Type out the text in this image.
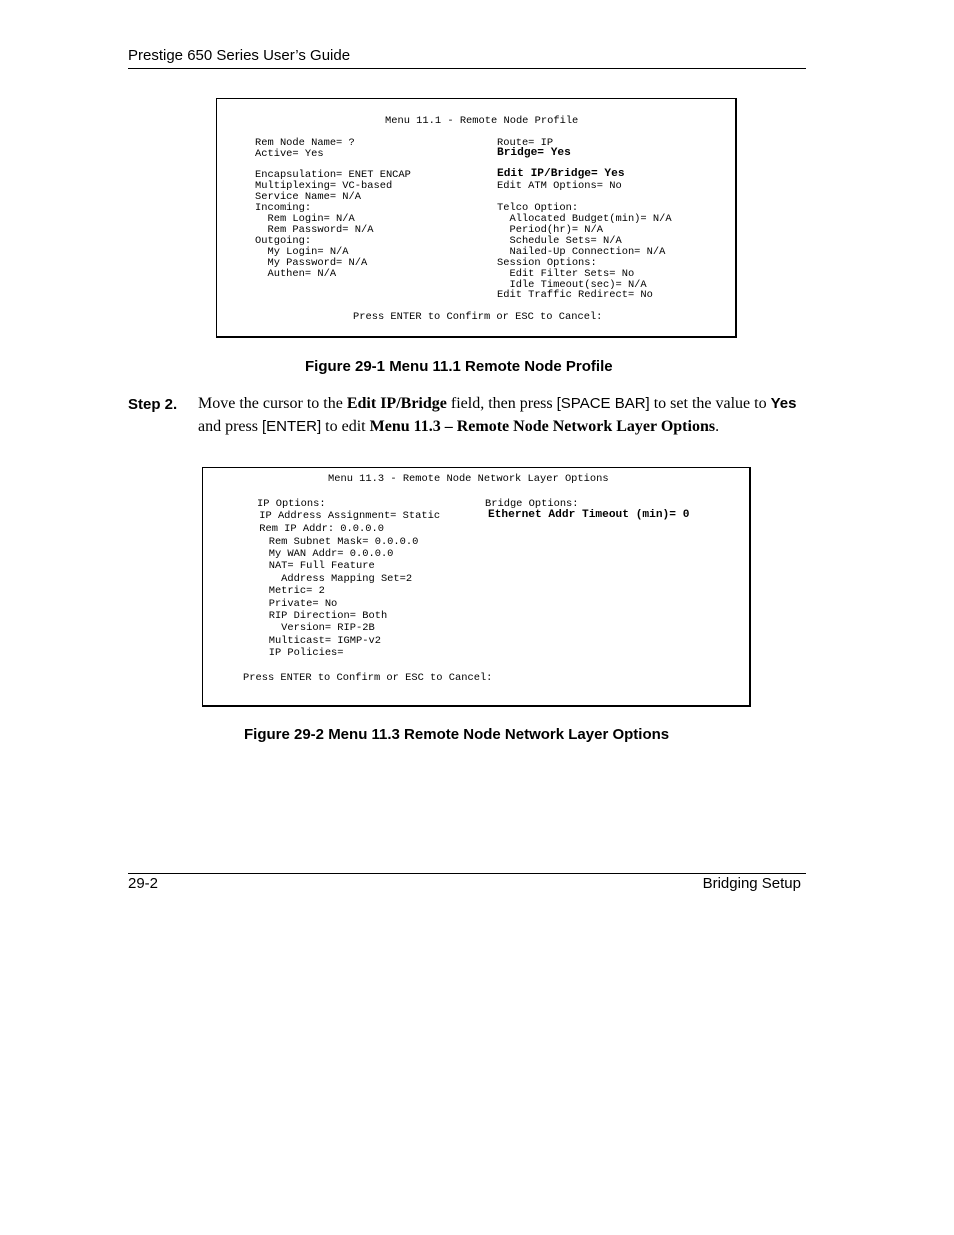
Prestige 650 Series User’s Guide
Menu 11.1 - Remote Node Profile
Rem Node Name= ?
Active= Yes
Encapsulation= ENET ENCAP
Multiplexing= VC-based
Service Name= N/A
Incoming:
Rem Login= N/A
Rem Password= N/A
Outgoing:
My Login= N/A
My Password= N/A
Authen= N/A
Route= IP
Bridge= Yes
Edit IP/Bridge= Yes
Edit ATM Options= No
Telco Option:
Allocated Budget(min)= N/A
Period(hr)= N/A
Schedule Sets= N/A
Nailed-Up Connection= N/A
Session Options:
Edit Filter Sets= No
Idle Timeout(sec)= N/A
Edit Traffic Redirect= No
Press ENTER to Confirm or ESC to Cancel:
Figure 29-1 Menu 11.1 Remote Node Profile
Step 2. Move the cursor to the Edit IP/Bridge field, then press [SPACE BAR] to set the value to Yes
and press [ENTER] to edit Menu 11.3 – Remote Node Network Layer Options.
Menu 11.3 - Remote Node Network Layer Options
IP Options:
IP Address Assignment= Static
Rem IP Addr: 0.0.0.0
Rem Subnet Mask= 0.0.0.0
My WAN Addr= 0.0.0.0
NAT= Full Feature
Address Mapping Set=2
Metric= 2
Private= No
RIP Direction= Both
Version= RIP-2B
Multicast= IGMP-v2
IP Policies=
Bridge Options:
Ethernet Addr Timeout (min)= 0
Press ENTER to Confirm or ESC to Cancel:
Figure 29-2 Menu 11.3 Remote Node Network Layer Options
29-2	Bridging Setup
